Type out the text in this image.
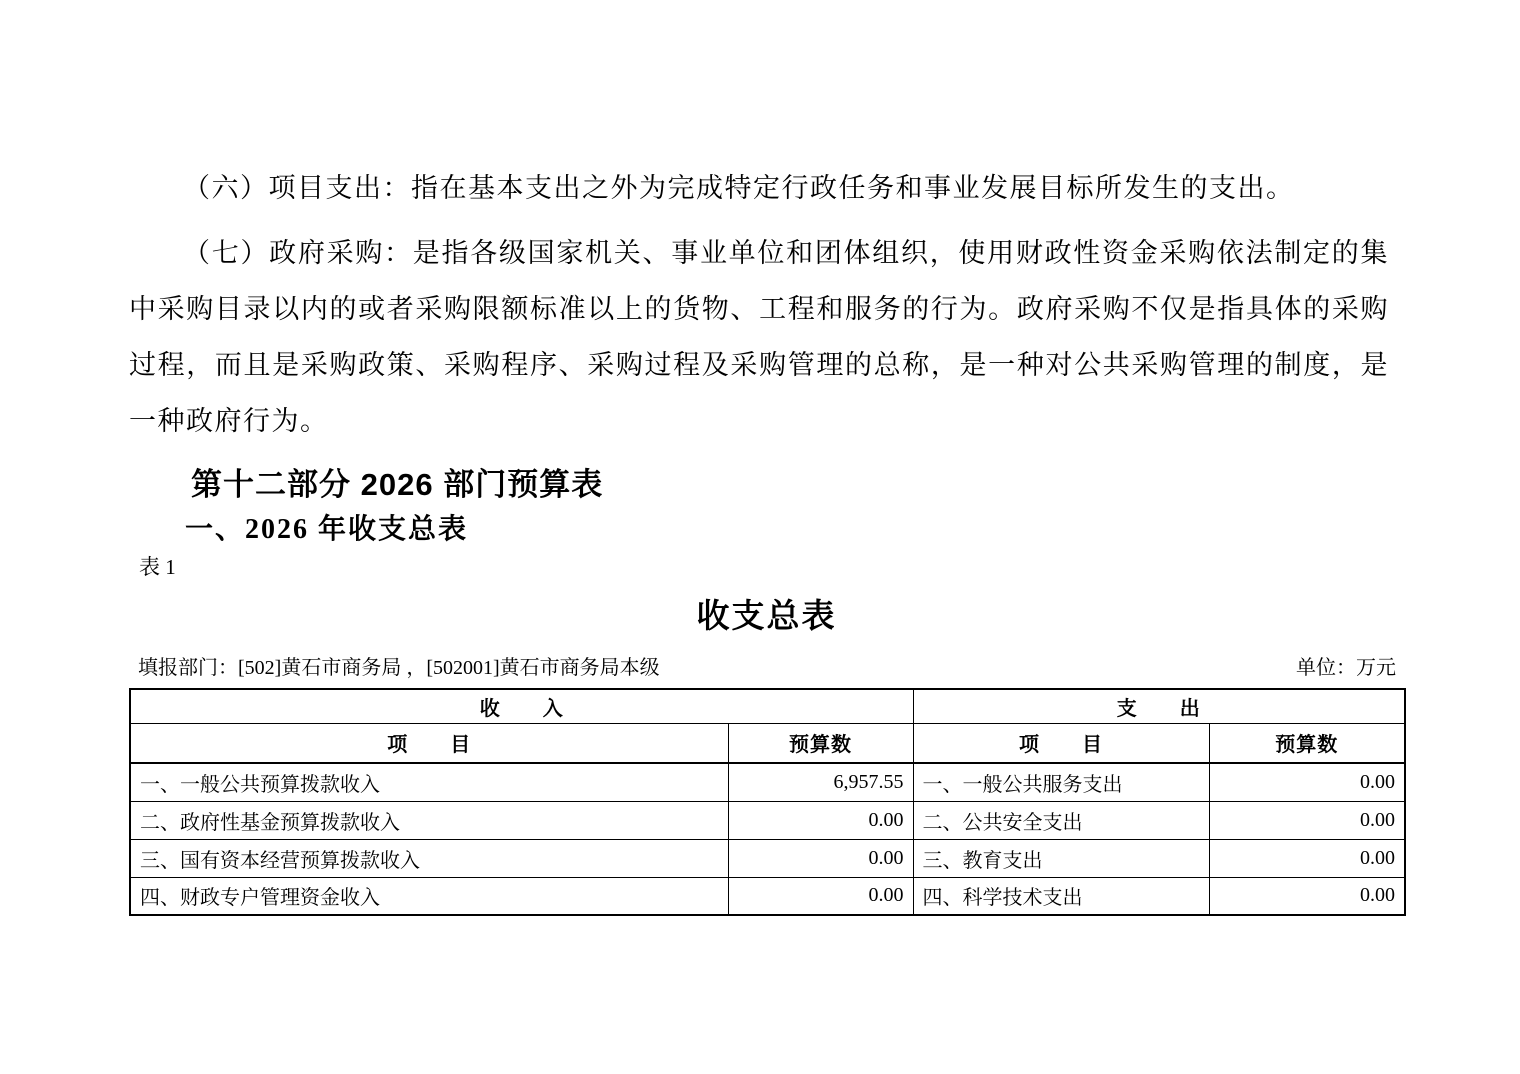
（六）项目支出：指在基本支出之外为完成特定行政任务和事业发展目标所发生的支出。

（七）政府采购：是指各级国家机关、事业单位和团体组织，使用财政性资金采购依法制定的集中采购目录以内的或者采购限额标准以上的货物、工程和服务的行为。政府采购不仅是指具体的采购过程，而且是采购政策、采购程序、采购过程及采购管理的总称，是一种对公共采购管理的制度，是一种政府行为。

第十二部分 2026 部门预算表
一、2026 年收支总表
表 1
收支总表
填报部门：[502]黄石市商务局 ，[502001]黄石市商务局本级	单位：万元
收　　入		支　　出	
项　　目	预算数	项　　目	预算数
一、一般公共预算拨款收入	6,957.55	一、一般公共服务支出	0.00
二、政府性基金预算拨款收入	0.00	二、公共安全支出	0.00
三、国有资本经营预算拨款收入	0.00	三、教育支出	0.00
四、财政专户管理资金收入	0.00	四、科学技术支出	0.00
